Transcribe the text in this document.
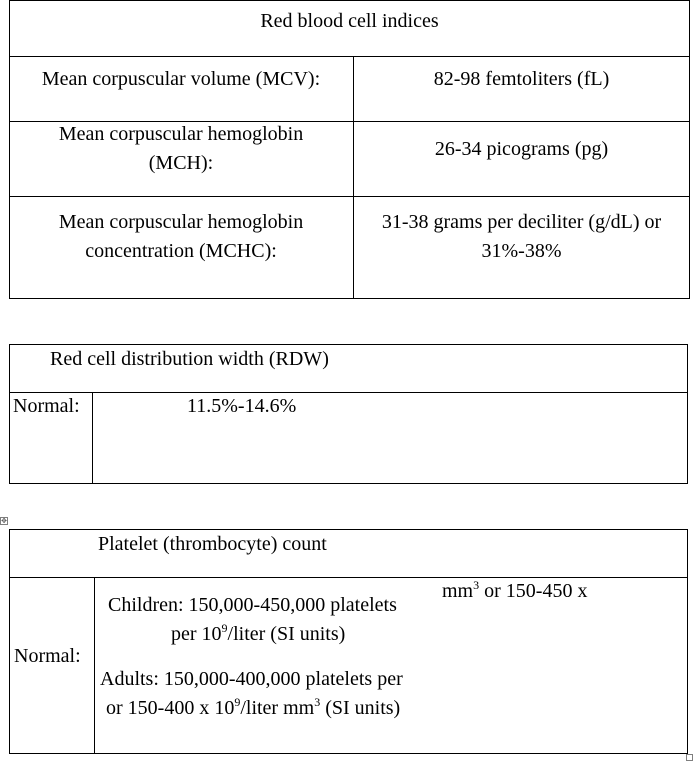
Red blood cell indices
Mean corpuscular volume (MCV):	82-98 femtoliters (fL)
Mean corpuscular hemoglobin
(MCH):
26-34 picograms (pg)
Mean corpuscular hemoglobin
concentration (MCHC):
31-38 grams per deciliter (g/dL) or
31%-38%
Red cell distribution width (RDW)
Normal:	11.5%-14.6%
✥
Platelet (thrombocyte) count
Normal:
Children: 150,000-450,000 platelets
$mm^3$ or 150-450 x
per $10^9$/liter (SI units)
Adults: 150,000-400,000 platelets per
or 150-400 x $10^9$/liter $mm^3$ (SI units)
